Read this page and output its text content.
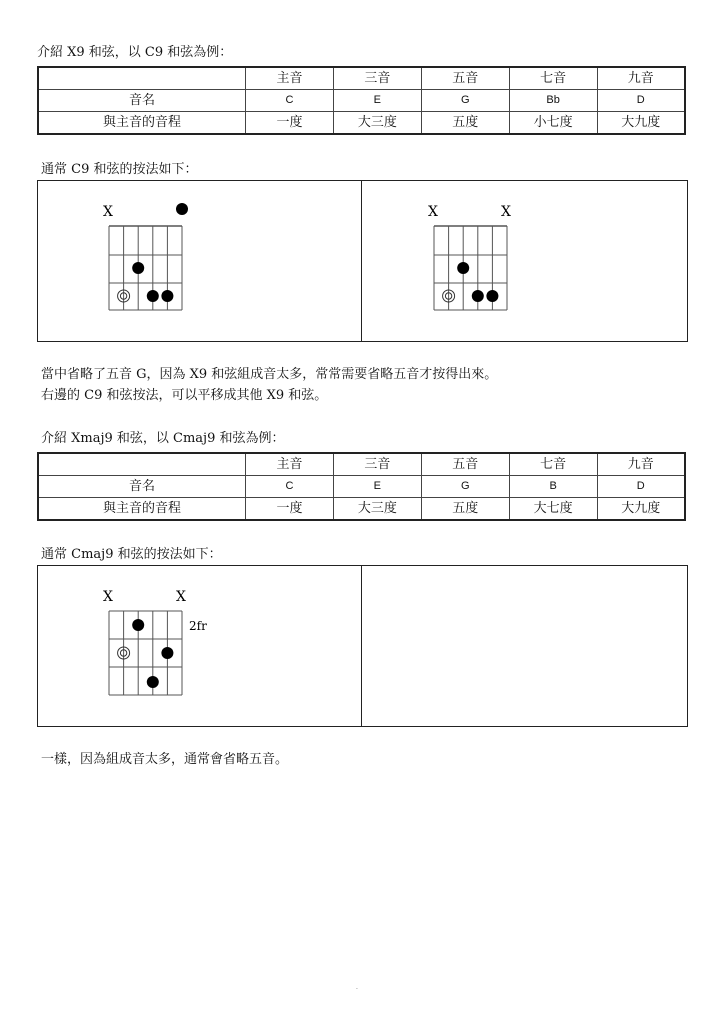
介紹 X9 和弦，以 C9 和弦為例：
	主音	三音	五音	七音	九音
音名	C	E	G	Bb	D
與主音的音程	一度	大三度	五度	小七度	大九度
通常 C9 和弦的按法如下：
X	X	X
當中省略了五音 G，因為 X9 和弦組成音太多，常常需要省略五音才按得出來。
右邊的 C9 和弦按法，可以平移成其他 X9 和弦。
介紹 Xmaj9 和弦，以 Cmaj9 和弦為例：
	主音	三音	五音	七音	九音
音名	C	E	G	B	D
與主音的音程	一度	大三度	五度	大七度	大九度
通常 Cmaj9 和弦的按法如下：
X	X
2fr
一樣，因為組成音太多，通常會省略五音。
.
